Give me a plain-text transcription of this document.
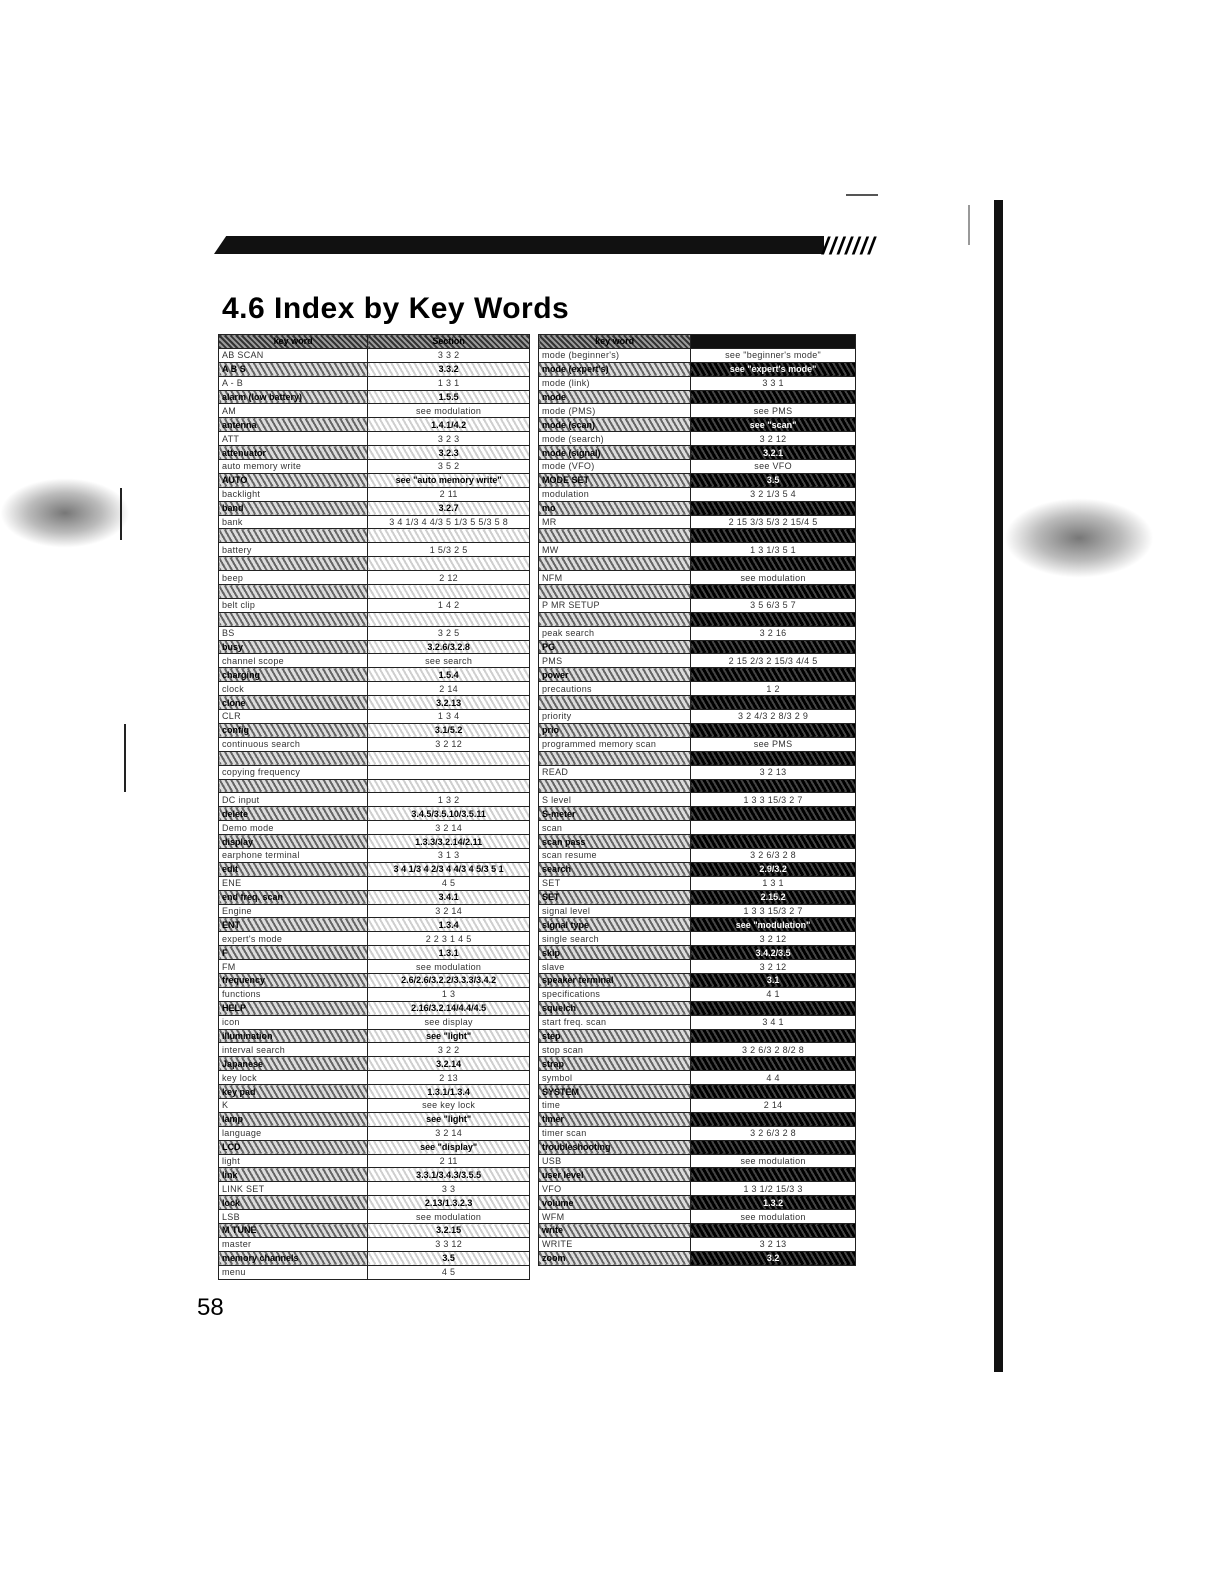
///////
4.6 Index by Key Words
key word	Section
AB SCAN	3 3 2
A B S	3.3.2
A - B	1 3 1
alarm (low battery)	1.5.5
AM	see modulation
antenna	1.4.1/4.2
ATT	3 2 3
attenuator	3.2.3
auto memory write	3 5 2
AUTO	see "auto memory write"
backlight	2 11
band	3.2.7
bank	3 4 1/3 4 4/3 5 1/3 5 5/3 5 8

battery	1 5/3 2 5

beep	2 12

belt clip	1 4 2

BS	3 2 5
busy	3.2.6/3.2.8
channel scope	see search
charging	1.5.4
clock	2 14
clone	3.2.13
CLR	1 3 4
config	3.1/5.2
continuous search	3 2 12

copying frequency	

DC input	1 3 2
delete	3.4.5/3.5.10/3.5.11
Demo mode	3 2 14
display	1.3.3/3.2.14/2.11
earphone terminal	3 1 3
edit	3 4 1/3 4 2/3 4 4/3 4 5/3 5 1
ENE	4 5
end freq. scan	3.4.1
Engine	3 2 14
ENT	1.3.4
expert's mode	2 2 3 1 4 5
F	1.3.1
FM	see modulation
frequency	2.6/2.6/3.2.2/3.3.3/3.4.2
functions	1 3
HELP	2.16/3.2.14/4.4/4.5
icon	see display
illumination	see "light"
interval search	3 2 2
Japanese	3.2.14
key lock	2 13
key pad	1.3.1/1.3.4
K	see key lock
lamp	see "light"
language	3 2 14
LCD	see "display"
light	2 11
link	3.3.1/3.4.3/3.5.5
LINK SET	3 3
lock	2.13/1.3.2.3
LSB	see modulation
M TUNE	3.2.15
master	3 3 12
memory channels	3.5
menu	4 5
key word	
mode (beginner's)	see "beginner's mode"
mode (expert's)	see "expert's mode"
mode (link)	3 3 1
mode	
mode (PMS)	see PMS
mode (scan)	see "scan"
mode (search)	3 2 12
mode (signal)	3.2.1
mode (VFO)	see VFO
MODE SET	3.5
modulation	3 2 1/3 5 4
mo	
MR	2 15 3/3 5/3 2 15/4 5

MW	1 3 1/3 5 1

NFM	see modulation

P MR SETUP	3 5 6/3 5 7

peak search	3 2 16
PG	
PMS	2 15 2/3 2 15/3 4/4 5
power	
precautions	1 2

priority	3 2 4/3 2 8/3 2 9
prio	
programmed memory scan	see PMS

READ	3 2 13

S level	1 3 3 15/3 2 7
S-meter	
scan	
scan pass	
scan resume	3 2 6/3 2 8
search	2.9/3.2
SET	1 3 1
SET	2.15.2
signal level	1 3 3 15/3 2 7
signal type	see "modulation"
single search	3 2 12
skip	3.4.2/3.5
slave	3 2 12
speaker terminal	3.1
specifications	4 1
squelch	
start freq. scan	3 4 1
step	
stop scan	3 2 6/3 2 8/2 8
strap	
symbol	4 4
SYSTEM	
time	2 14
timer	
timer scan	3 2 6/3 2 8
troubleshooting	
USB	see modulation
user level	
VFO	1 3 1/2 15/3 3
volume	1.3.2
WFM	see modulation
write	
WRITE	3 2 13
zoom	3.2
58
